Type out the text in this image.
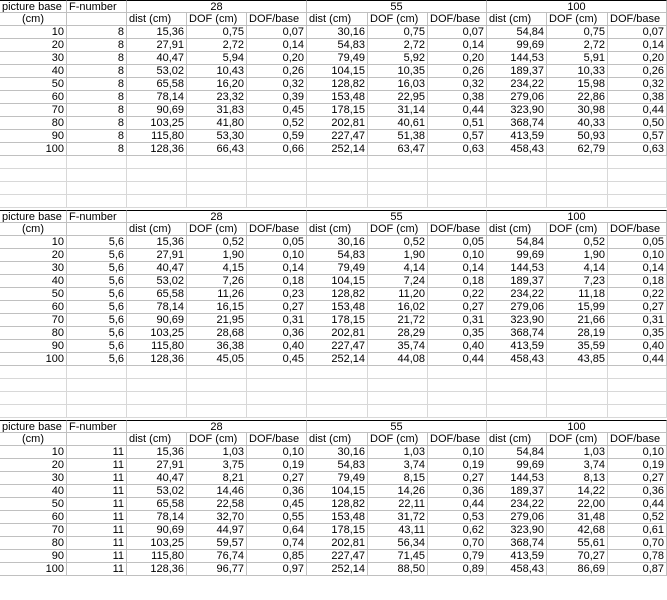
picture base F-number	28	55	100
(cm)	dist (cm)	DOF (cm)	DOF/base dist (cm)	DOF (cm)	DOF/base dist (cm)	DOF (cm)	DOF/base
10	8	15,36	0,75	0,07	30,16	0,75	0,07	54,84	0,75	0,07
20	8	27,91	2,72	0,14	54,83	2,72	0,14	99,69	2,72	0,14
30	8	40,47	5,94	0,20	79,49	5,92	0,20	144,53	5,91	0,20
40	8	53,02	10,43	0,26	104,15	10,35	0,26	189,37	10,33	0,26
50	8	65,58	16,20	0,32	128,82	16,03	0,32	234,22	15,98	0,32
60	8	78,14	23,32	0,39	153,48	22,95	0,38	279,06	22,86	0,38
70	8	90,69	31,83	0,45	178,15	31,14	0,44	323,90	30,98	0,44
80	8	103,25	41,80	0,52	202,81	40,61	0,51	368,74	40,33	0,50
90	8	115,80	53,30	0,59	227,47	51,38	0,57	413,59	50,93	0,57
100	8	128,36	66,43	0,66	252,14	63,47	0,63	458,43	62,79	0,63
picture base F-number	28	55	100
(cm)	dist (cm)	DOF (cm)	DOF/base dist (cm)	DOF (cm)	DOF/base dist (cm)	DOF (cm)	DOF/base
10	5,6	15,36	0,52	0,05	30,16	0,52	0,05	54,84	0,52	0,05
20	5,6	27,91	1,90	0,10	54,83	1,90	0,10	99,69	1,90	0,10
30	5,6	40,47	4,15	0,14	79,49	4,14	0,14	144,53	4,14	0,14
40	5,6	53,02	7,26	0,18	104,15	7,24	0,18	189,37	7,23	0,18
50	5,6	65,58	11,26	0,23	128,82	11,20	0,22	234,22	11,18	0,22
60	5,6	78,14	16,15	0,27	153,48	16,02	0,27	279,06	15,99	0,27
70	5,6	90,69	21,95	0,31	178,15	21,72	0,31	323,90	21,66	0,31
80	5,6	103,25	28,68	0,36	202,81	28,29	0,35	368,74	28,19	0,35
90	5,6	115,80	36,38	0,40	227,47	35,74	0,40	413,59	35,59	0,40
100	5,6	128,36	45,05	0,45	252,14	44,08	0,44	458,43	43,85	0,44
picture base F-number	28	55	100
(cm)	dist (cm)	DOF (cm)	DOF/base dist (cm)	DOF (cm)	DOF/base dist (cm)	DOF (cm)	DOF/base
10	11	15,36	1,03	0,10	30,16	1,03	0,10	54,84	1,03	0,10
20	11	27,91	3,75	0,19	54,83	3,74	0,19	99,69	3,74	0,19
30	11	40,47	8,21	0,27	79,49	8,15	0,27	144,53	8,13	0,27
40	11	53,02	14,46	0,36	104,15	14,26	0,36	189,37	14,22	0,36
50	11	65,58	22,58	0,45	128,82	22,11	0,44	234,22	22,00	0,44
60	11	78,14	32,70	0,55	153,48	31,72	0,53	279,06	31,48	0,52
70	11	90,69	44,97	0,64	178,15	43,11	0,62	323,90	42,68	0,61
80	11	103,25	59,57	0,74	202,81	56,34	0,70	368,74	55,61	0,70
90	11	115,80	76,74	0,85	227,47	71,45	0,79	413,59	70,27	0,78
100	11	128,36	96,77	0,97	252,14	88,50	0,89	458,43	86,69	0,87
